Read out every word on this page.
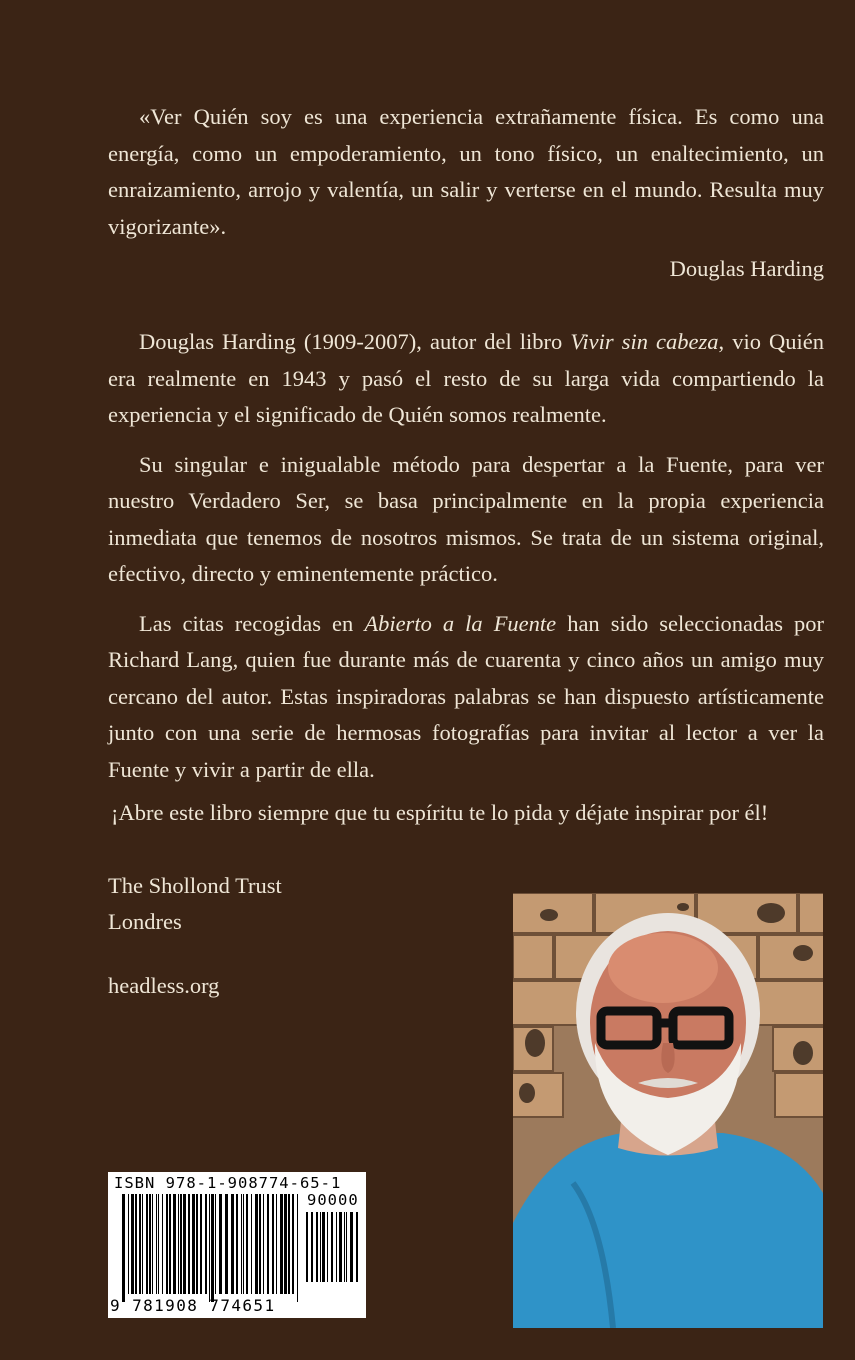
«Ver Quién soy es una experiencia extrañamente física. Es como una energía, como un empoderamiento, un tono físico, un enaltecimiento, un enraizamiento, arrojo y valentía, un salir y verterse en el mundo. Resulta muy vigorizante».

Douglas Harding

Douglas Harding (1909-2007), autor del libro Vivir sin cabeza, vio Quién era realmente en 1943 y pasó el resto de su larga vida compartiendo la experiencia y el significado de Quién somos realmente.

Su singular e inigualable método para despertar a la Fuente, para ver nuestro Verdadero Ser, se basa principalmente en la propia experiencia inmediata que tenemos de nosotros mismos. Se trata de un sistema original, efectivo, directo y eminentemente práctico.

Las citas recogidas en Abierto a la Fuente han sido seleccionadas por Richard Lang, quien fue durante más de cuarenta y cinco años un amigo muy cercano del autor. Estas inspiradoras palabras se han dispuesto artísticamente junto con una serie de hermosas fotografías para invitar al lector a ver la Fuente y vivir a partir de ella.

¡Abre este libro siempre que tu espíritu te lo pida y déjate inspirar por él!
The Shollond Trust
Londres
headless.org
ISBN 978-1-908774-65-1
90000
9 781908 774651
